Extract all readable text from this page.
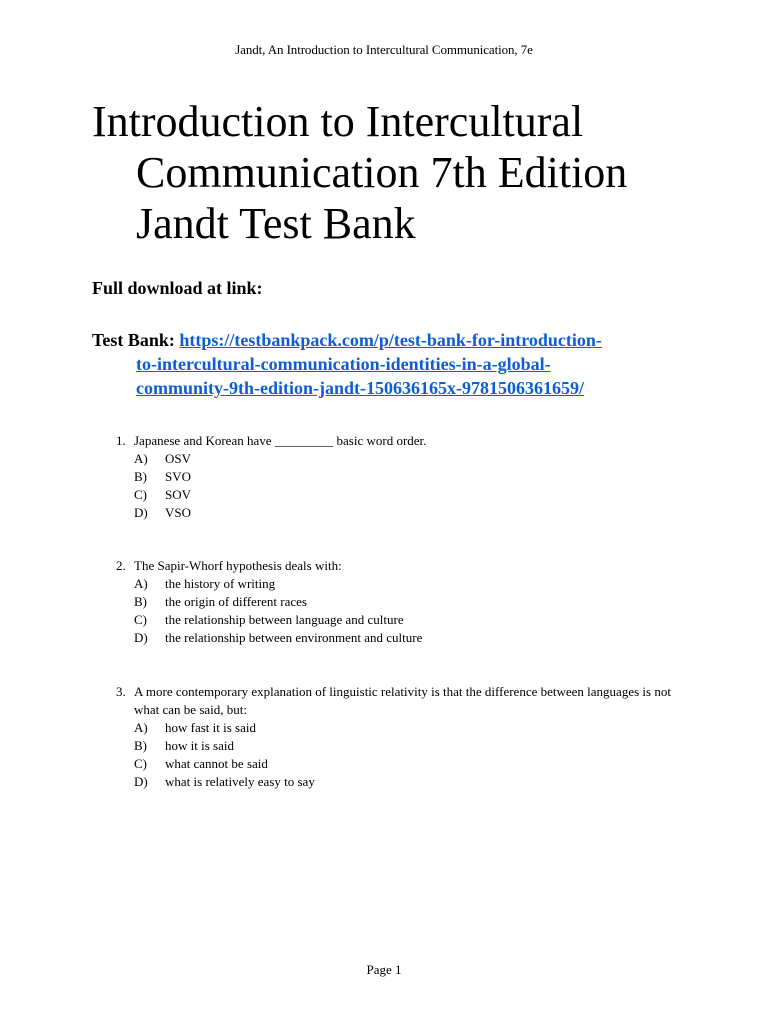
Jandt, An Introduction to Intercultural Communication, 7e
Introduction to Intercultural
Communication 7th Edition
Jandt Test Bank
Full download at link:
Test Bank: https://testbankpack.com/p/test-bank-for-introduction-
to-intercultural-communication-identities-in-a-global-
community-9th-edition-jandt-150636165x-9781506361659/
1. Japanese and Korean have _________ basic word order.
A) OSV
B) SVO
C) SOV
D) VSO
2. The Sapir-Whorf hypothesis deals with:
A) the history of writing
B) the origin of different races
C) the relationship between language and culture
D) the relationship between environment and culture
3. A more contemporary explanation of linguistic relativity is that the difference between languages is not what can be said, but:
A) how fast it is said
B) how it is said
C) what cannot be said
D) what is relatively easy to say
Page 1
